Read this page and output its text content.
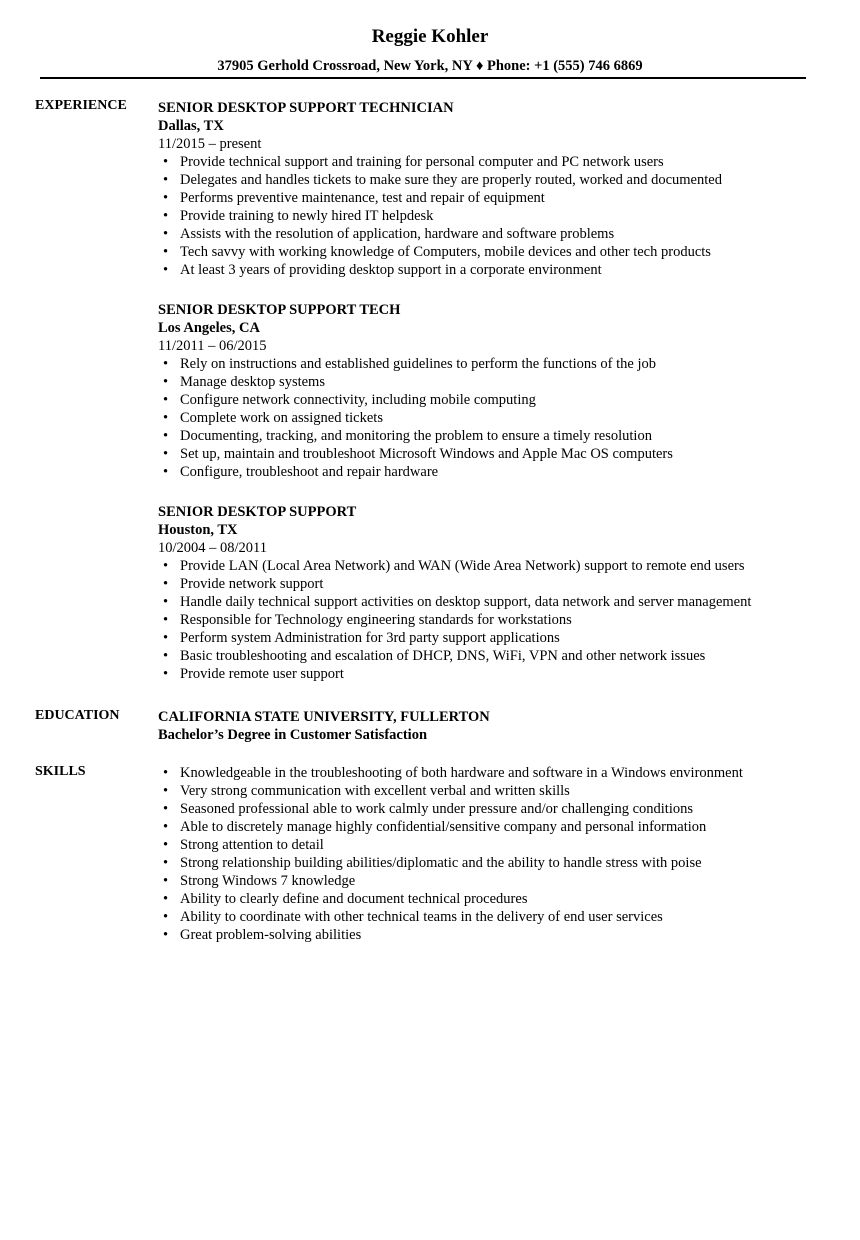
Reggie Kohler
37905 Gerhold Crossroad, New York, NY ♦ Phone: +1 (555) 746 6869
EXPERIENCE SENIOR DESKTOP SUPPORT TECHNICIAN
Dallas, TX
11/2015 – present
• Provide technical support and training for personal computer and PC network users
• Delegates and handles tickets to make sure they are properly routed, worked and documented
• Performs preventive maintenance, test and repair of equipment
• Provide training to newly hired IT helpdesk
• Assists with the resolution of application, hardware and software problems
• Tech savvy with working knowledge of Computers, mobile devices and other tech products
• At least 3 years of providing desktop support in a corporate environment
SENIOR DESKTOP SUPPORT TECH
Los Angeles, CA
11/2011 – 06/2015
• Rely on instructions and established guidelines to perform the functions of the job
• Manage desktop systems
• Configure network connectivity, including mobile computing
• Complete work on assigned tickets
• Documenting, tracking, and monitoring the problem to ensure a timely resolution
• Set up, maintain and troubleshoot Microsoft Windows and Apple Mac OS computers
• Configure, troubleshoot and repair hardware
SENIOR DESKTOP SUPPORT
Houston, TX
10/2004 – 08/2011
• Provide LAN (Local Area Network) and WAN (Wide Area Network) support to remote end users
• Provide network support
• Handle daily technical support activities on desktop support, data network and server management
• Responsible for Technology engineering standards for workstations
• Perform system Administration for 3rd party support applications
• Basic troubleshooting and escalation of DHCP, DNS, WiFi, VPN and other network issues
• Provide remote user support
EDUCATION	CALIFORNIA STATE UNIVERSITY, FULLERTON
Bachelor’s Degree in Customer Satisfaction
SKILLS	• Knowledgeable in the troubleshooting of both hardware and software in a Windows environment
• Very strong communication with excellent verbal and written skills
• Seasoned professional able to work calmly under pressure and/or challenging conditions
• Able to discretely manage highly confidential/sensitive company and personal information
• Strong attention to detail
• Strong relationship building abilities/diplomatic and the ability to handle stress with poise
• Strong Windows 7 knowledge
• Ability to clearly define and document technical procedures
• Ability to coordinate with other technical teams in the delivery of end user services
• Great problem-solving abilities
